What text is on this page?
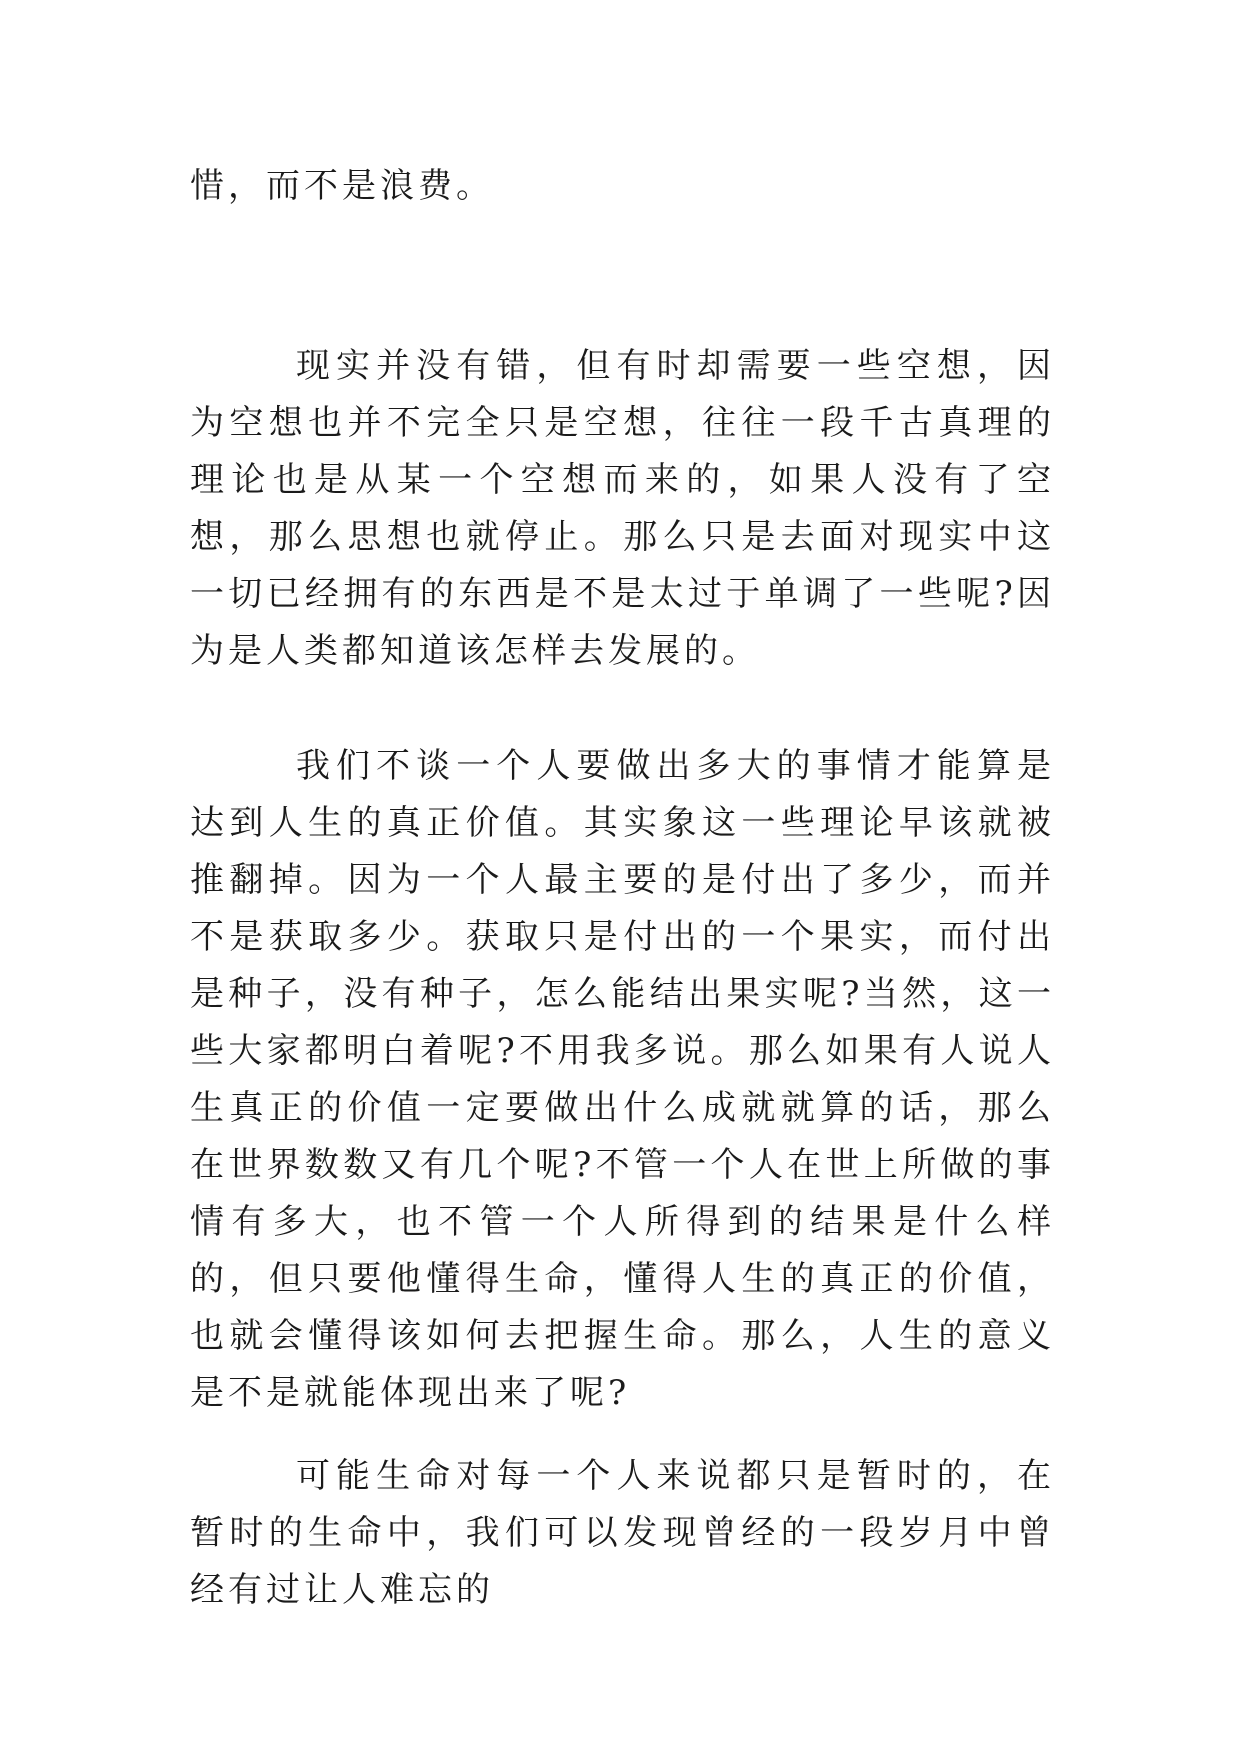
惜，而不是浪费。

现实并没有错，但有时却需要一些空想，因为空想也并不完全只是空想，往往一段千古真理的理论也是从某一个空想而来的，如果人没有了空想，那么思想也就停止。那么只是去面对现实中这一切已经拥有的东西是不是太过于单调了一些呢?因为是人类都知道该怎样去发展的。

我们不谈一个人要做出多大的事情才能算是达到人生的真正价值。其实象这一些理论早该就被推翻掉。因为一个人最主要的是付出了多少，而并不是获取多少。获取只是付出的一个果实，而付出是种子，没有种子，怎么能结出果实呢?当然，这一些大家都明白着呢?不用我多说。那么如果有人说人生真正的价值一定要做出什么成就就算的话，那么在世界数数又有几个呢?不管一个人在世上所做的事情有多大，也不管一个人所得到的结果是什么样的，但只要他懂得生命，懂得人生的真正的价值，也就会懂得该如何去把握生命。那么，人生的意义是不是就能体现出来了呢?

可能生命对每一个人来说都只是暂时的，在暂时的生命中，我们可以发现曾经的一段岁月中曾经有过让人难忘的
